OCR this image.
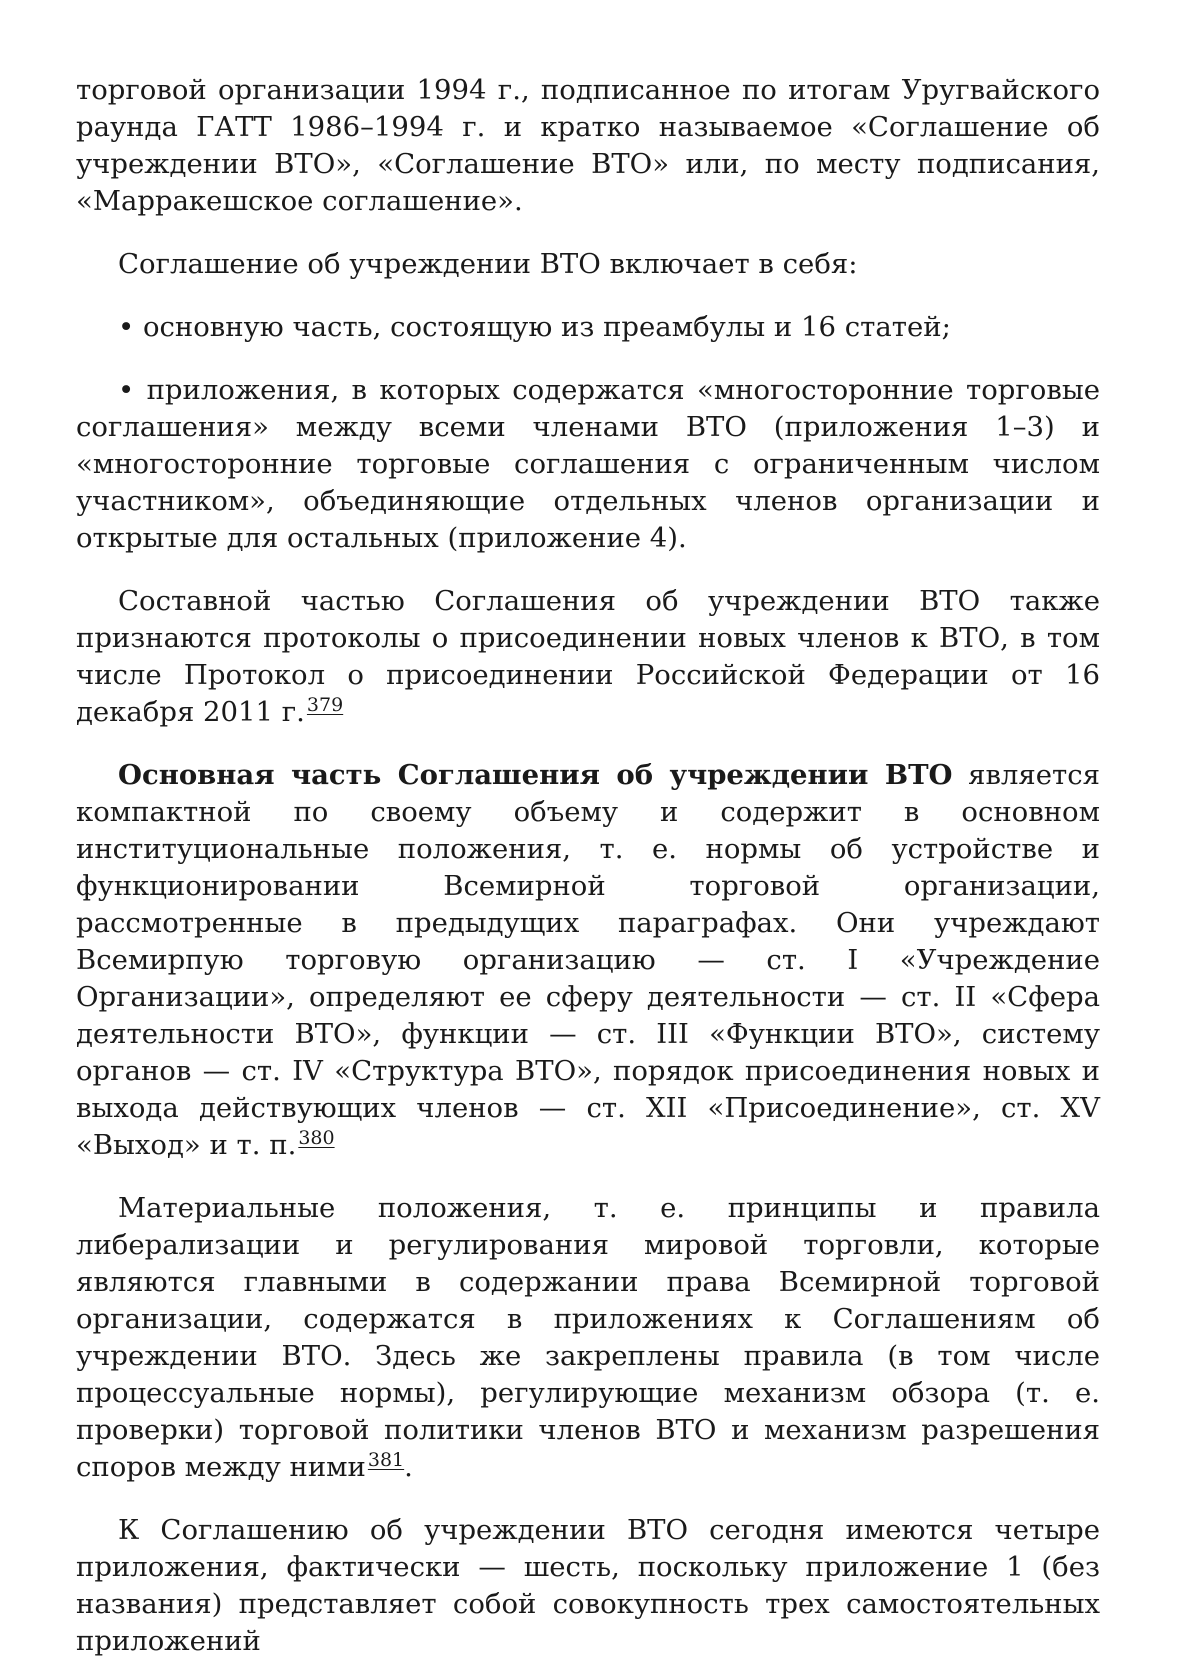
торговой организации 1994 г., подписанное по итогам Уругвайского раунда ГАТТ 1986–1994 г. и кратко называемое «Соглашение об учреждении ВТО», «Соглашение ВТО» или, по месту подписания, «Марракешское соглашение».

Соглашение об учреждении ВТО включает в себя:

• основную часть, состоящую из преамбулы и 16 статей;

• приложения, в которых содержатся «многосторонние торговые соглашения» между всеми членами ВТО (приложения 1–3) и «многосторонние торговые соглашения с ограниченным числом участником», объединяющие отдельных членов организации и открытые для остальных (приложение 4).

Составной частью Соглашения об учреждении ВТО также признаются протоколы о присоединении новых членов к ВТО, в том числе Протокол о присоединении Российской Федерации от 16 декабря 2011 г. $^{379}$

Основная часть Соглашения об учреждении ВТО является компактной по своему объему и содержит в основном институциональные положения, т. е. нормы об устройстве и функционировании Всемирной торговой организации, рассмотренные в предыдущих параграфах. Они учреждают Всемирпую торговую организацию — ст. I «Учреждение Организации», определяют ее сферу деятельности — ст. II «Сфера деятельности ВТО», функции — ст. III «Функции ВТО», систему органов — ст. IV «Структура ВТО», порядок присоединения новых и выхода действующих членов — ст. XII «Присоединение», ст. XV «Выход» и т. п. $^{380}$

Материальные положения, т. е. принципы и правила либерализации и регулирования мировой торговли, которые являются главными в содержании права Всемирной торговой организации, содержатся в приложениях к Соглашениям об учреждении ВТО. Здесь же закреплены правила (в том числе процессуальные нормы), регулирующие механизм обзора (т. е. проверки) торговой политики членов ВТО и механизм разрешения споров между ними $^{381}$.

К Соглашению об учреждении ВТО сегодня имеются четыре приложения, фактически — шесть, поскольку приложение 1 (без названия) представляет собой совокупность трех самостоятельных приложений
